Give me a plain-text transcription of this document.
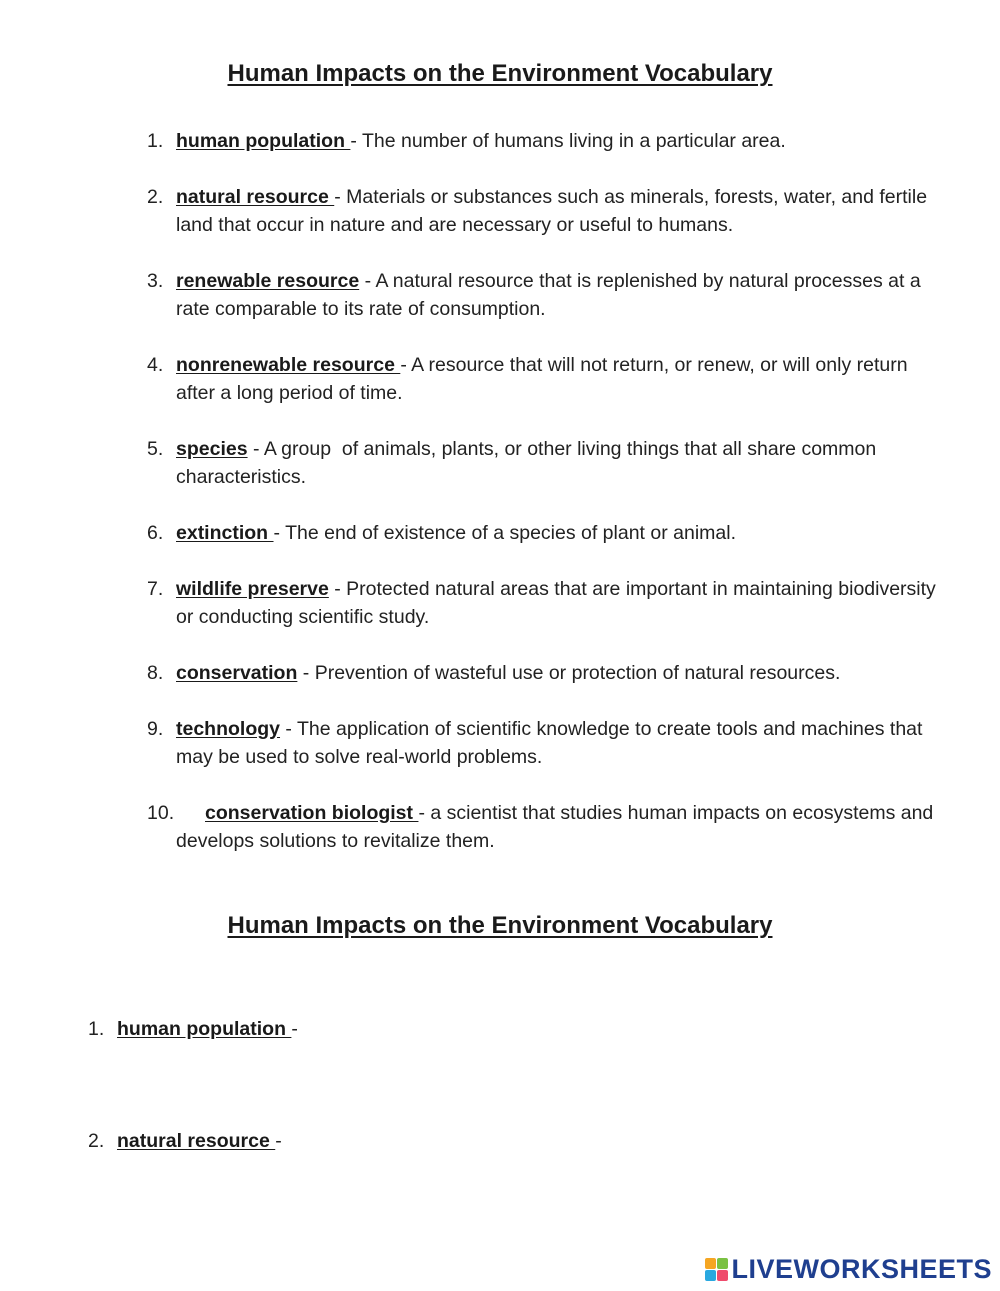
Human Impacts on the Environment Vocabulary
1. human population - The number of humans living in a particular area.
2. natural resource - Materials or substances such as minerals, forests, water, and fertile land that occur in nature and are necessary or useful to humans.
3. renewable resource - A natural resource that is replenished by natural processes at a rate comparable to its rate of consumption.
4. nonrenewable resource - A resource that will not return, or renew, or will only return after a long period of time.
5. species - A group  of animals, plants, or other living things that all share common characteristics.
6. extinction - The end of existence of a species of plant or animal.
7. wildlife preserve - Protected natural areas that are important in maintaining biodiversity or conducting scientific study.
8. conservation - Prevention of wasteful use or protection of natural resources.
9. technology - The application of scientific knowledge to create tools and machines that may be used to solve real-world problems.
10. conservation biologist - a scientist that studies human impacts on ecosystems and develops solutions to revitalize them.
Human Impacts on the Environment Vocabulary
1. human population -
2. natural resource -
LIVEWORKSHEETS
